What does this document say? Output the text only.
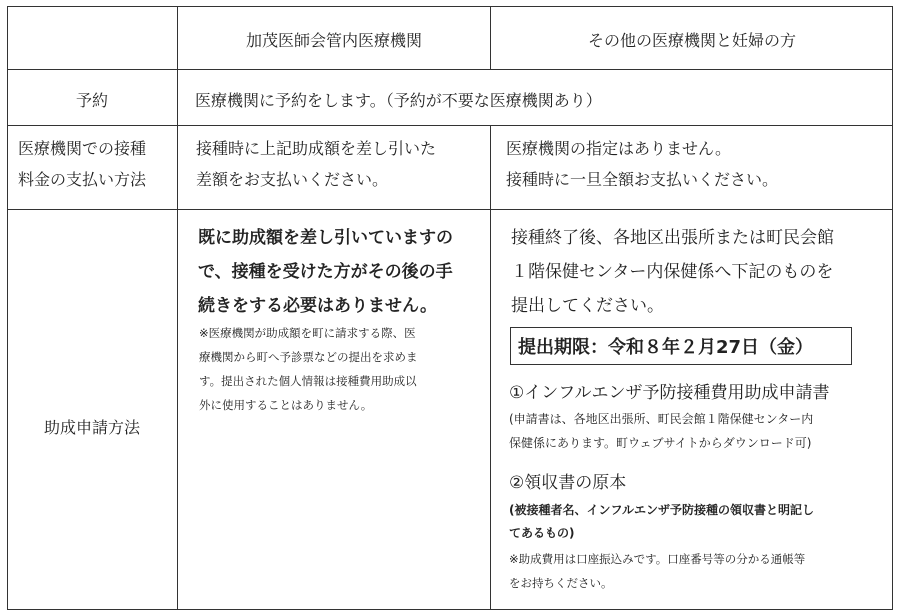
加茂医師会管内医療機関	その他の医療機関と妊婦の方
予約	医療機関に予約をします。（予約が不要な医療機関あり）
医療機関での接種
料金の支払い方法
接種時に上記助成額を差し引いた
差額をお支払いください。
医療機関の指定はありません。
接種時に一旦全額お支払いください。
助成申請方法
既に助成額を差し引いていますの
で、接種を受けた方がその後の手
続きをする必要はありません。
※医療機関が助成額を町に請求する際、医
療機関から町へ予診票などの提出を求めま
す。提出された個人情報は接種費用助成以
外に使用することはありません。
接種終了後、各地区出張所または町民会館
１階保健センター内保健係へ下記のものを
提出してください。
提出期限：令和８年２月27日（金）
①インフルエンザ予防接種費用助成申請書
(申請書は、各地区出張所、町民会館１階保健センター内
保健係にあります。町ウェブサイトからダウンロード可)
②領収書の原本
(被接種者名、インフルエンザ予防接種の領収書と明記し
てあるもの)
※助成費用は口座振込みです。口座番号等の分かる通帳等
をお持ちください。
